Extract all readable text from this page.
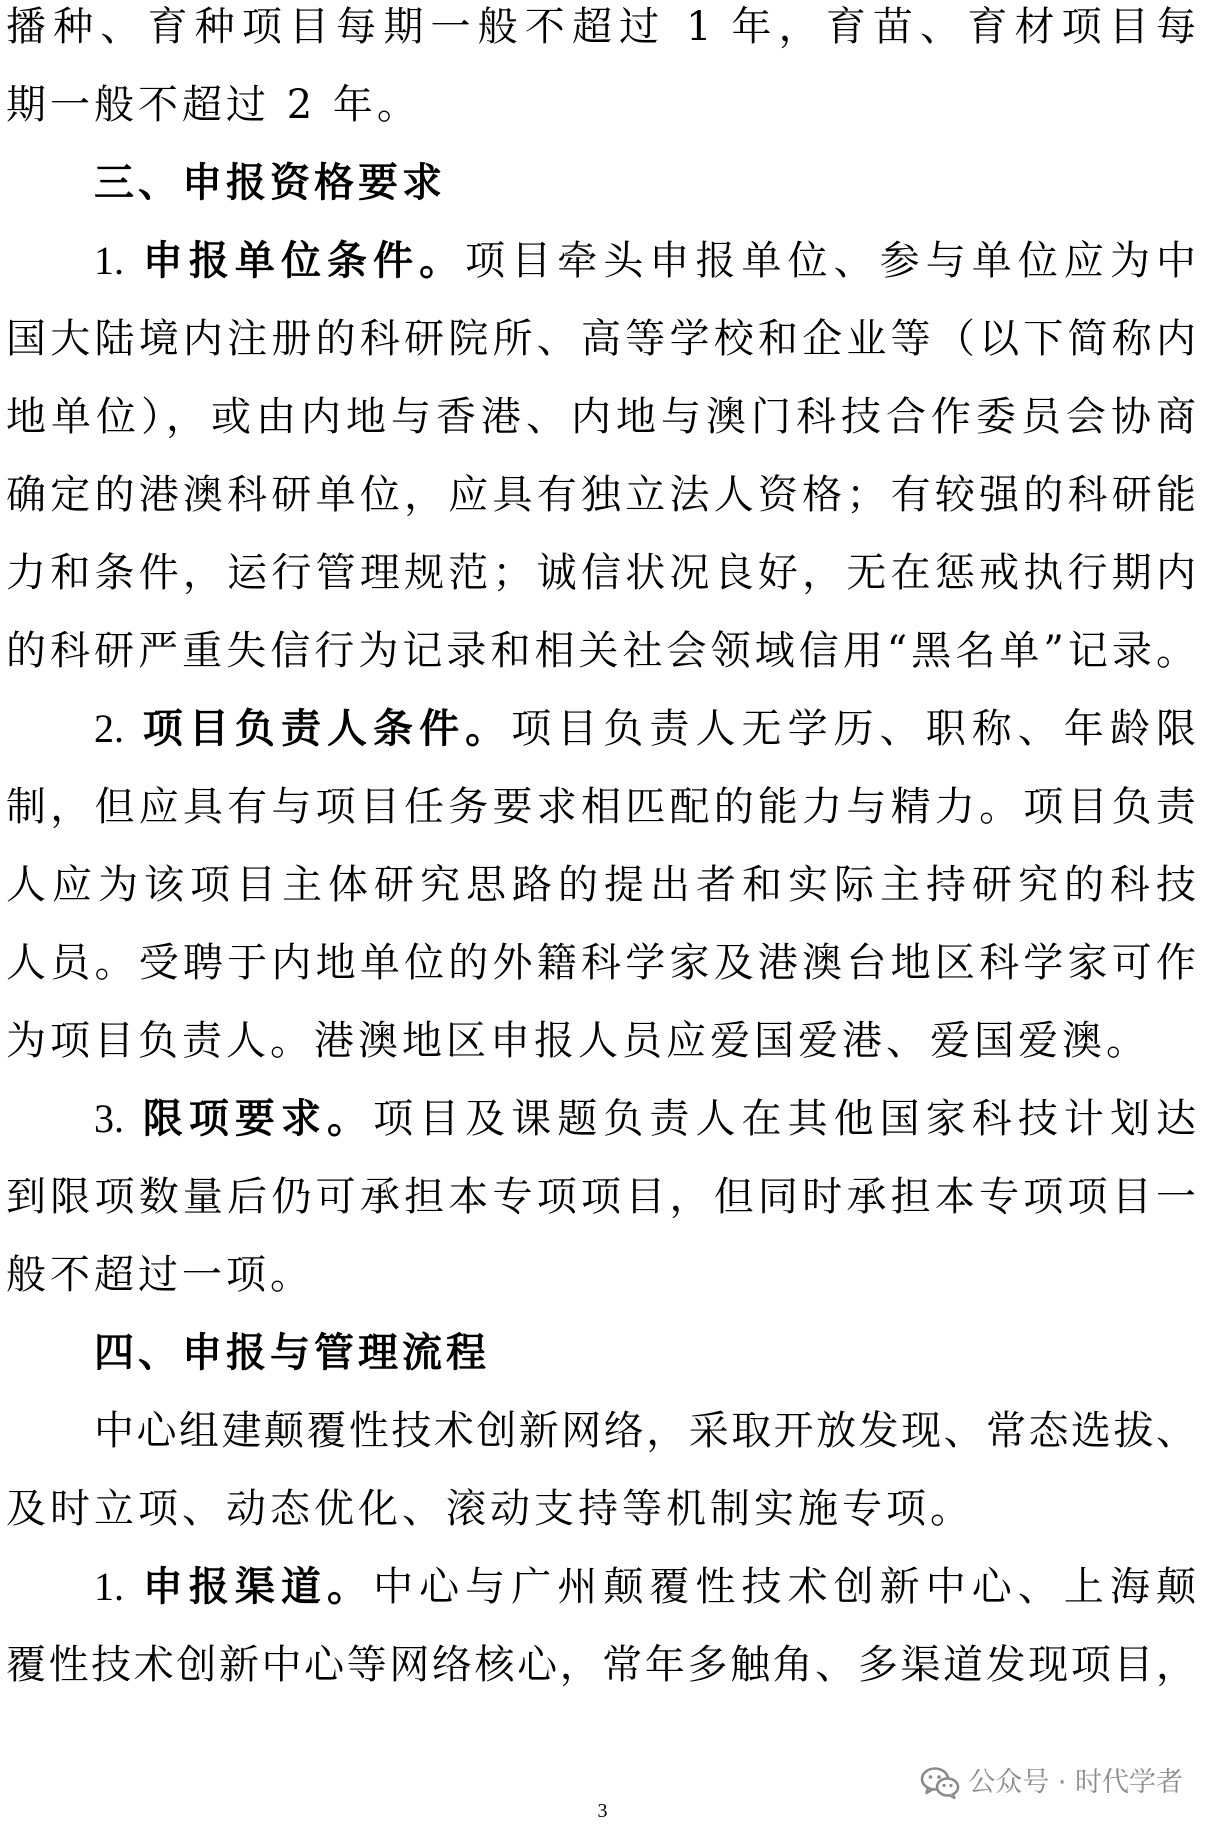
播种、育种项目每期一般不超过 1 年，育苗、育材项目每
期一般不超过 2 年。
三、申报资格要求
1. 申报单位条件。项目牵头申报单位、参与单位应为中
国大陆境内注册的科研院所、高等学校和企业等（以下简称内
地单位），或由内地与香港、内地与澳门科技合作委员会协商
确定的港澳科研单位，应具有独立法人资格；有较强的科研能
力和条件，运行管理规范；诚信状况良好，无在惩戒执行期内
的科研严重失信行为记录和相关社会领域信用“黑名单”记录。
2. 项目负责人条件。项目负责人无学历、职称、年龄限
制，但应具有与项目任务要求相匹配的能力与精力。项目负责
人应为该项目主体研究思路的提出者和实际主持研究的科技
人员。受聘于内地单位的外籍科学家及港澳台地区科学家可作
为项目负责人。港澳地区申报人员应爱国爱港、爱国爱澳。
3. 限项要求。项目及课题负责人在其他国家科技计划达
到限项数量后仍可承担本专项项目，但同时承担本专项项目一
般不超过一项。
四、申报与管理流程
中心组建颠覆性技术创新网络，采取开放发现、常态选拔、
及时立项、动态优化、滚动支持等机制实施专项。
1. 申报渠道。中心与广州颠覆性技术创新中心、上海颠
覆性技术创新中心等网络核心，常年多触角、多渠道发现项目，
公众号 · 时代学者
3
